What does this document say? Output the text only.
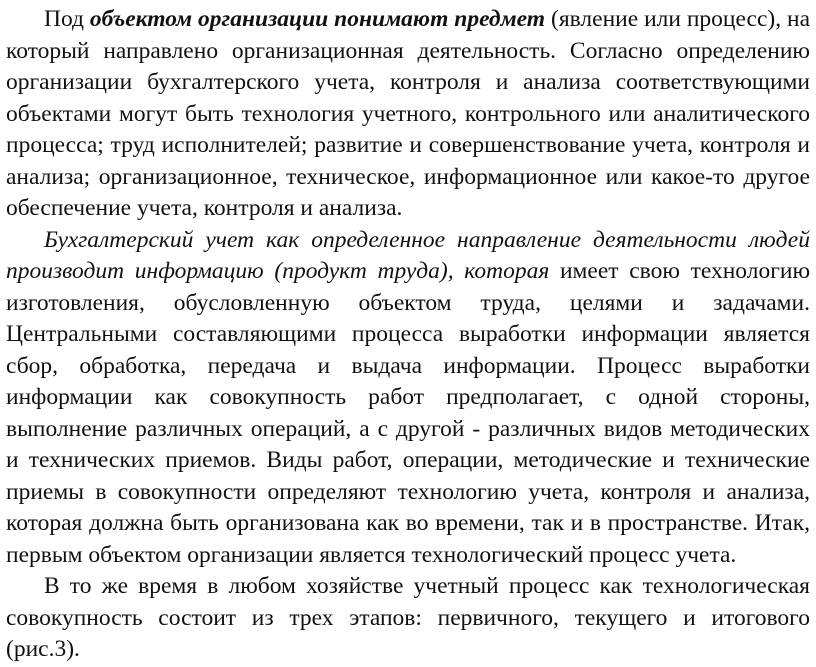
Под объектом организации понимают предмет (явление или процесс), на который направлено организационная деятельность. Согласно определению организации бухгалтерского учета, контроля и анализа соответствующими объектами могут быть технология учетного, контрольного или аналитического процесса; труд исполнителей; развитие и совершенствование учета, контроля и анализа; организационное, техническое, информационное или какое-то другое обеспечение учета, контроля и анализа.

Бухгалтерский учет как определенное направление деятельности людей производит информацию (продукт труда), которая имеет свою технологию изготовления, обусловленную объектом труда, целями и задачами. Центральными составляющими процесса выработки информации является сбор, обработка, передача и выдача информации. Процесс выработки информации как совокупность работ предполагает, с одной стороны, выполнение различных операций, а с другой - различных видов методических и технических приемов. Виды работ, операции, методические и технические приемы в совокупности определяют технологию учета, контроля и анализа, которая должна быть организована как во времени, так и в пространстве. Итак, первым объектом организации является технологический процесс учета.

В то же время в любом хозяйстве учетный процесс как технологическая совокупность состоит из трех этапов: первичного, текущего и итогового (рис.3).
